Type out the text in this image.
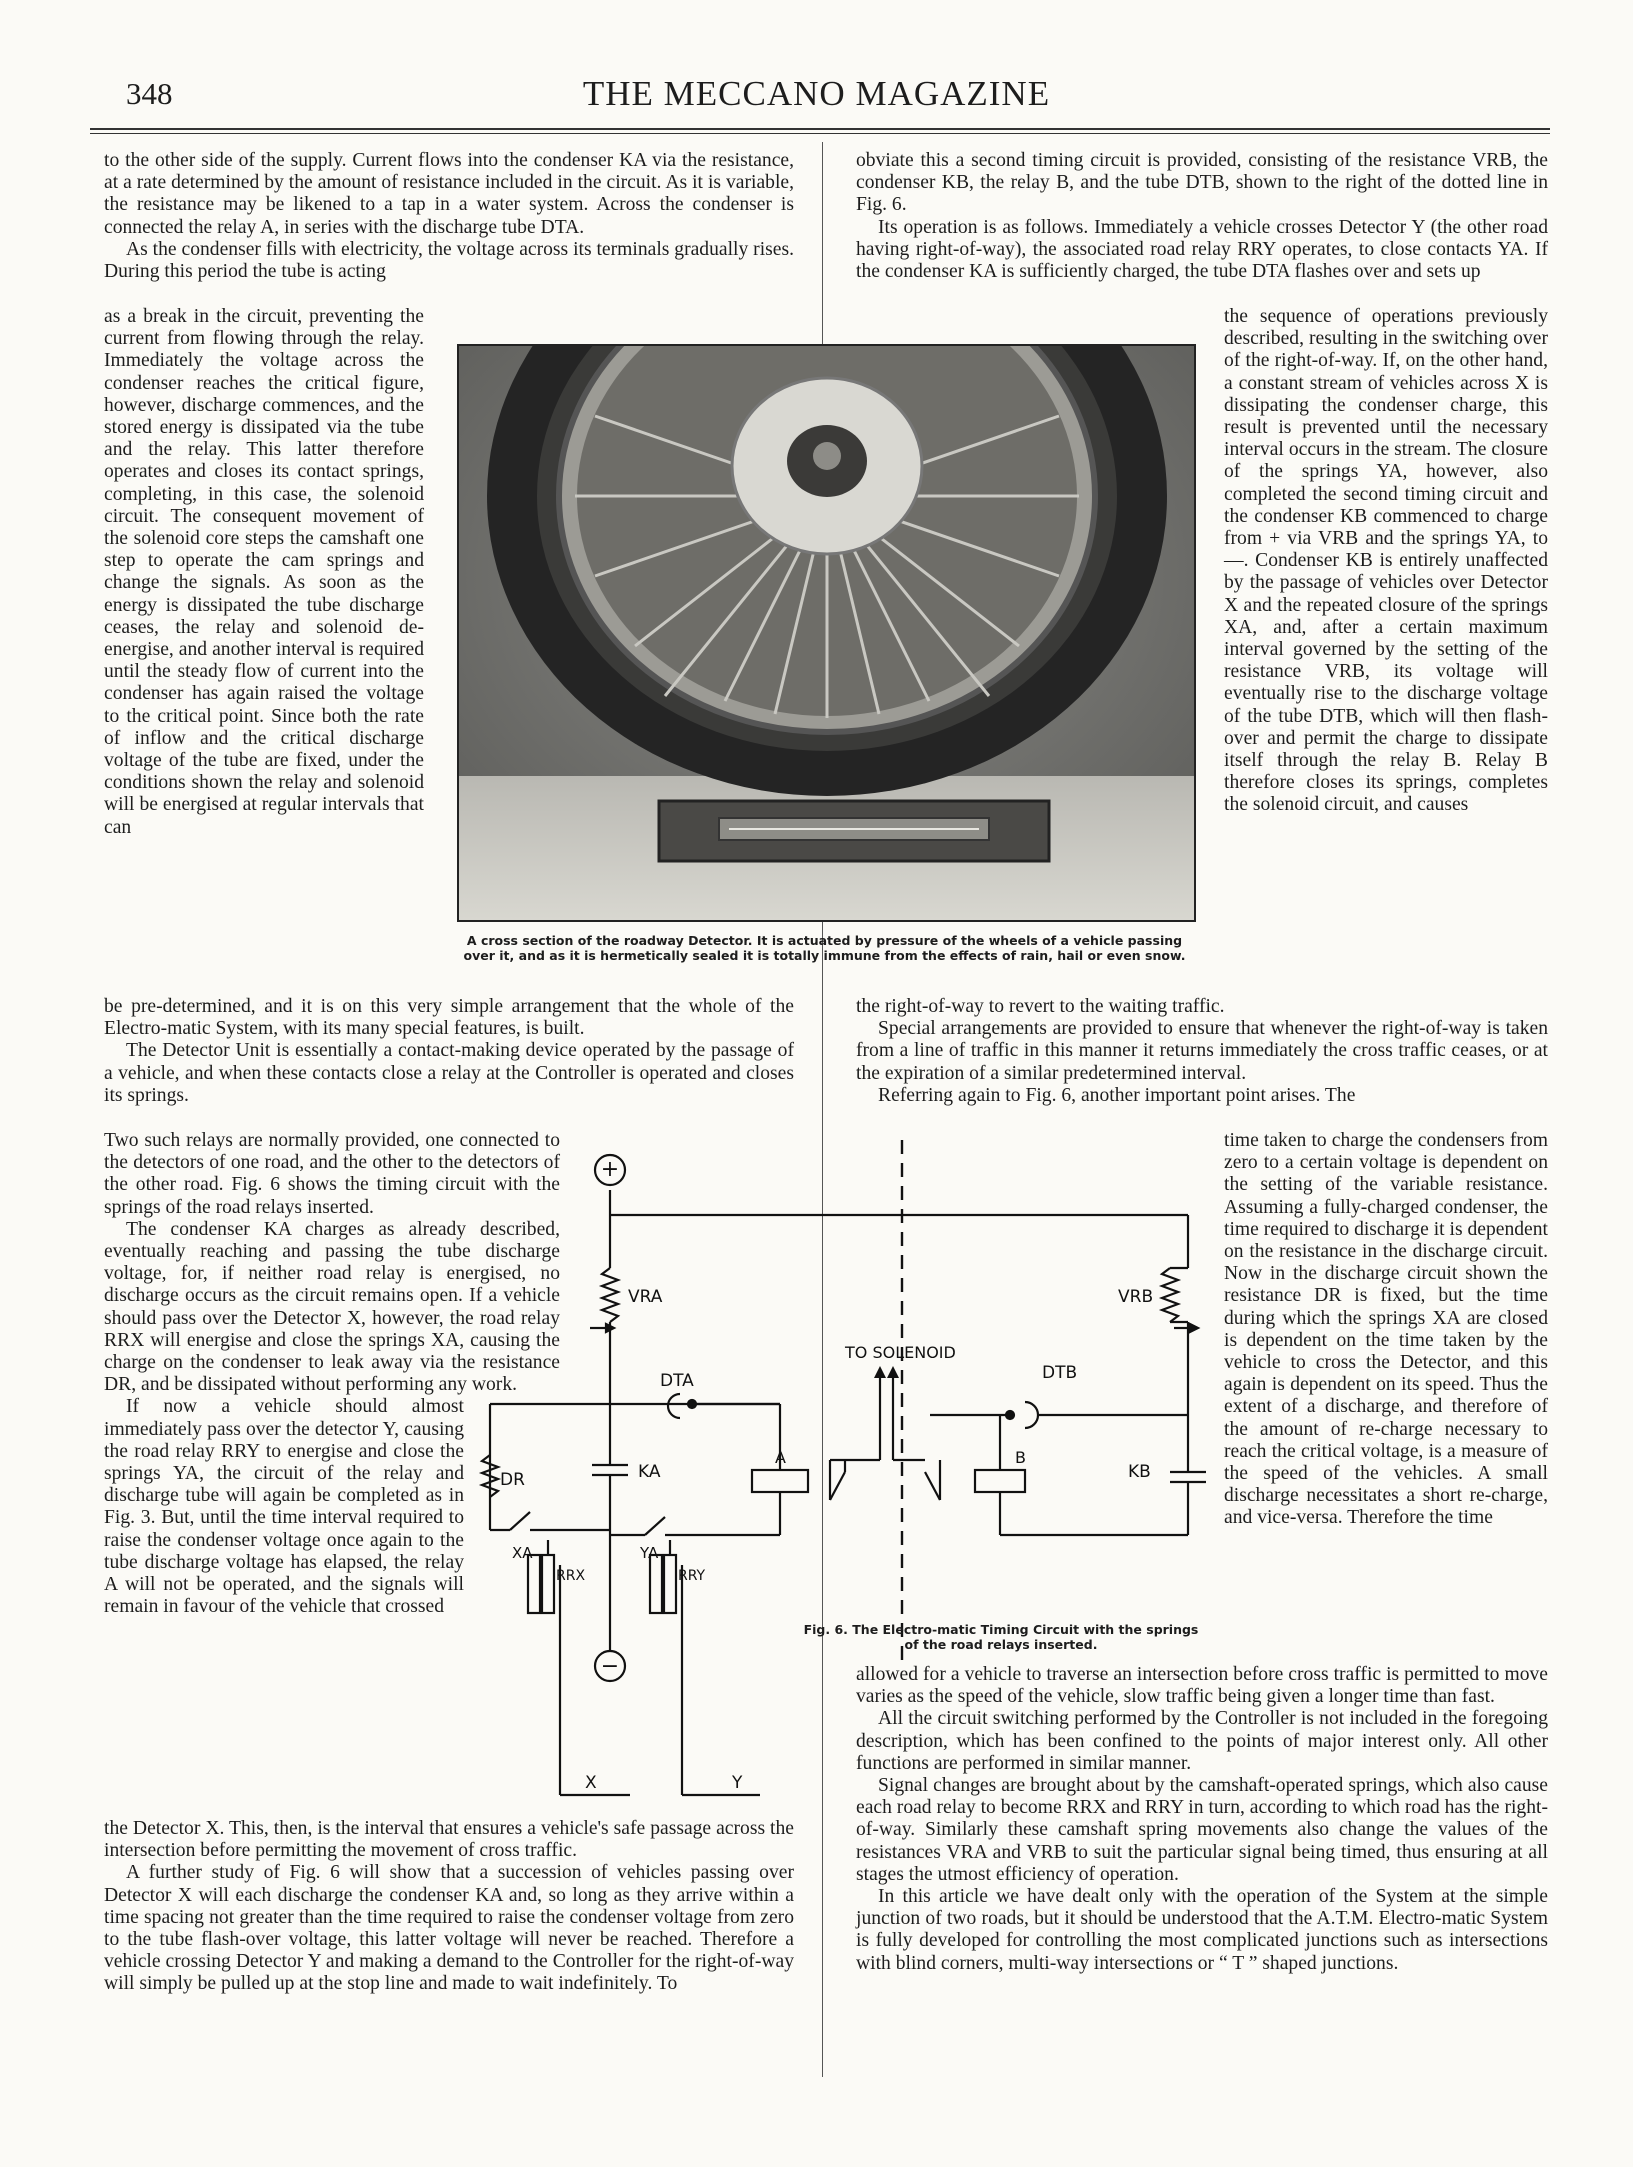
348	THE MECCANO MAGAZINE

to the other side of the supply. Current flows into the condenser KA via the resistance, at a rate determined by the amount of resistance included in the circuit. As it is variable, the resistance may be likened to a tap in a water system. Across the condenser is connected the relay A, in series with the discharge tube DTA.

As the condenser fills with electricity, the voltage across its terminals gradually rises. During this period the tube is acting

as a break in the circuit, preventing the current from flowing through the relay. Immediately the voltage across the condenser reaches the critical figure, however, discharge commences, and the stored energy is dissipated via the tube and the relay. This latter therefore operates and closes its contact springs, completing, in this case, the solenoid circuit. The consequent movement of the solenoid core steps the camshaft one step to operate the cam springs and change the signals. As soon as the energy is dissipated the tube discharge ceases, the relay and solenoid de-energise, and another interval is required until the steady flow of current into the condenser has again raised the voltage to the critical point. Since both the rate of inflow and the critical discharge voltage of the tube are fixed, under the conditions shown the relay and solenoid will be energised at regular intervals that can

be pre-determined, and it is on this very simple arrangement that the whole of the Electro-matic System, with its many special features, is built.

The Detector Unit is essentially a contact-making device operated by the passage of a vehicle, and when these contacts close a relay at the Controller is operated and closes its springs.

Two such relays are normally provided, one connected to the detectors of one road, and the other to the detectors of the other road. Fig. 6 shows the timing circuit with the springs of the road relays inserted.

The condenser KA charges as already described, eventually reaching and passing the tube discharge voltage, for, if neither road relay is energised, no discharge occurs as the circuit remains open. If a vehicle should pass over the Detector X, however, the road relay RRX will energise and close the springs XA, causing the charge on the condenser to leak away via the resistance DR, and be dissipated without performing any work.

If now a vehicle should almost immediately pass over the detector Y, causing the road relay RRY to energise and close the springs YA, the circuit of the relay and discharge tube will again be completed as in Fig. 3. But, until the time interval required to raise the condenser voltage once again to the tube discharge voltage has elapsed, the relay A will not be operated, and the signals will remain in favour of the vehicle that crossed

the Detector X. This, then, is the interval that ensures a vehicle's safe passage across the intersection before permitting the movement of cross traffic.

A further study of Fig. 6 will show that a succession of vehicles passing over Detector X will each discharge the condenser KA and, so long as they arrive within a time spacing not greater than the time required to raise the condenser voltage from zero to the tube flash-over voltage, this latter voltage will never be reached. Therefore a vehicle crossing Detector Y and making a demand to the Controller for the right-of-way will simply be pulled up at the stop line and made to wait indefinitely. To

obviate this a second timing circuit is provided, consisting of the resistance VRB, the condenser KB, the relay B, and the tube DTB, shown to the right of the dotted line in Fig. 6.

Its operation is as follows. Immediately a vehicle crosses Detector Y (the other road having right-of-way), the associated road relay RRY operates, to close contacts YA. If the condenser KA is sufficiently charged, the tube DTA flashes over and sets up

the sequence of operations previously described, resulting in the switching over of the right-of-way. If, on the other hand, a constant stream of vehicles across X is dissipating the condenser charge, this result is prevented until the necessary interval occurs in the stream. The closure of the springs YA, however, also completed the second timing circuit and the condenser KB commenced to charge from + via VRB and the springs YA, to —. Condenser KB is entirely unaffected by the passage of vehicles over Detector X and the repeated closure of the springs XA, and, after a certain maximum interval governed by the setting of the resistance VRB, its voltage will eventually rise to the discharge voltage of the tube DTB, which will then flash-over and permit the charge to dissipate itself through the relay B. Relay B therefore closes its springs, completes the solenoid circuit, and causes

the right-of-way to revert to the waiting traffic.

Special arrangements are provided to ensure that whenever the right-of-way is taken from a line of traffic in this manner it returns immediately the cross traffic ceases, or at the expiration of a similar predetermined interval.

Referring again to Fig. 6, another important point arises. The

time taken to charge the condensers from zero to a certain voltage is dependent on the setting of the variable resistance. Assuming a fully-charged condenser, the time required to discharge it is dependent on the resistance in the discharge circuit. Now in the discharge circuit shown the resistance DR is fixed, but the time during which the springs XA are closed is dependent on the time taken by the vehicle to cross the Detector, and this again is dependent on its speed. Thus the extent of a discharge, and therefore of the amount of re-charge necessary to reach the critical voltage, is a measure of the speed of the vehicles. A small discharge necessitates a short re-charge, and vice-versa. Therefore the time

allowed for a vehicle to traverse an intersection before cross traffic is permitted to move varies as the speed of the vehicle, slow traffic being given a longer time than fast.

All the circuit switching performed by the Controller is not included in the foregoing description, which has been confined to the points of major interest only. All other functions are performed in similar manner.

Signal changes are brought about by the camshaft-operated springs, which also cause each road relay to become RRX and RRY in turn, according to which road has the right-of-way. Similarly these camshaft spring movements also change the values of the resistances VRA and VRB to suit the particular signal being timed, thus ensuring at all stages the utmost efficiency of operation.

In this article we have dealt only with the operation of the System at the simple junction of two roads, but it should be understood that the A.T.M. Electro-matic System is fully developed for controlling the most complicated junctions such as intersections with blind corners, multi-way intersections or “ T ” shaped junctions.

A cross section of the roadway Detector. It is actuated by pressure of the wheels of a vehicle passing over it, and as it is hermetically sealed it is totally immune from the effects of rain, hail or even snow.
+
−
VRA	VRB
DTA	DTB
TO SOLENOID
KA	KB
DR
A	B
XA	YA
RRX	RRY
X	Y
Fig. 6. The Electro-matic Timing Circuit with the springs of the road relays inserted.
